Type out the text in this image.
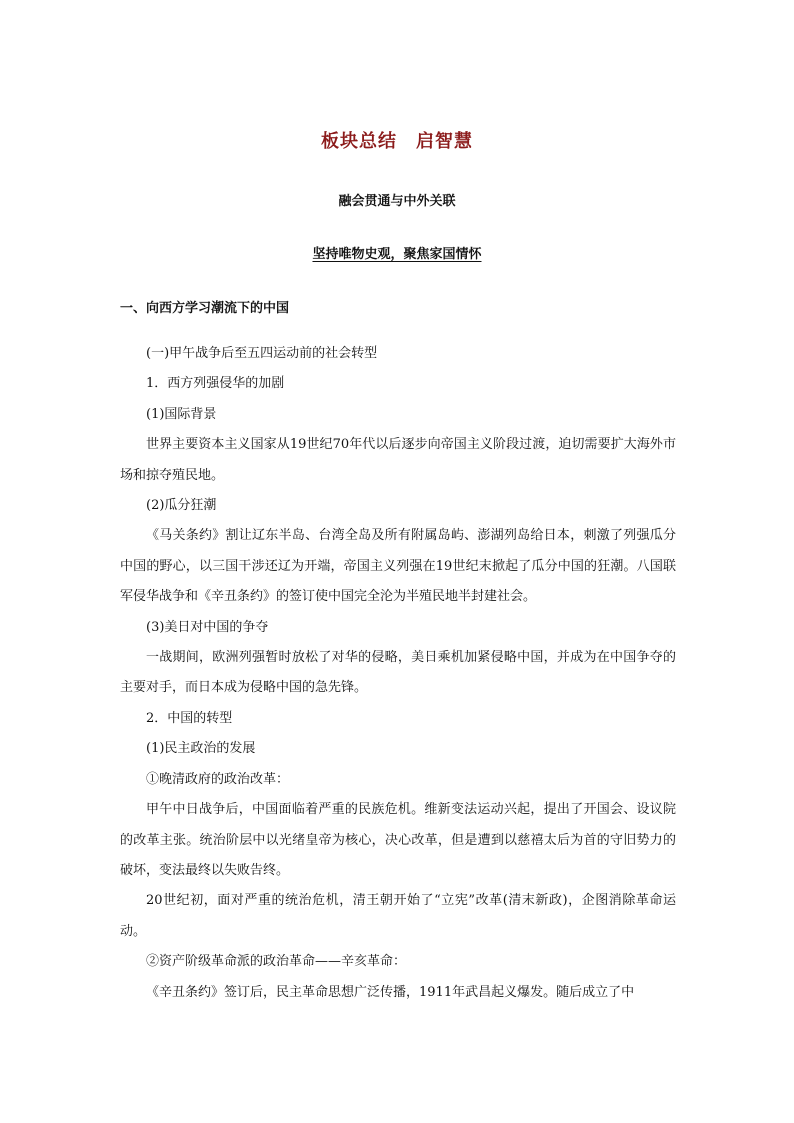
板块总结　启智慧
融会贯通与中外关联
坚持唯物史观，聚焦家国情怀
一、向西方学习潮流下的中国

(一)甲午战争后至五四运动前的社会转型

1．西方列强侵华的加剧

(1)国际背景

世界主要资本主义国家从19世纪70年代以后逐步向帝国主义阶段过渡，迫切需要扩大海外市场和掠夺殖民地。

(2)瓜分狂潮

《马关条约》割让辽东半岛、台湾全岛及所有附属岛屿、澎湖列岛给日本，刺激了列强瓜分中国的野心，以三国干涉还辽为开端，帝国主义列强在19世纪末掀起了瓜分中国的狂潮。八国联军侵华战争和《辛丑条约》的签订使中国完全沦为半殖民地半封建社会。

(3)美日对中国的争夺

一战期间，欧洲列强暂时放松了对华的侵略，美日乘机加紧侵略中国，并成为在中国争夺的主要对手，而日本成为侵略中国的急先锋。

2．中国的转型

(1)民主政治的发展

①晚清政府的政治改革：

甲午中日战争后，中国面临着严重的民族危机。维新变法运动兴起，提出了开国会、设议院的改革主张。统治阶层中以光绪皇帝为核心，决心改革，但是遭到以慈禧太后为首的守旧势力的破坏，变法最终以失败告终。

20世纪初，面对严重的统治危机，清王朝开始了“立宪”改革(清末新政)，企图消除革命运动。

②资产阶级革命派的政治革命——辛亥革命：

《辛丑条约》签订后，民主革命思想广泛传播，1911年武昌起义爆发。随后成立了中
